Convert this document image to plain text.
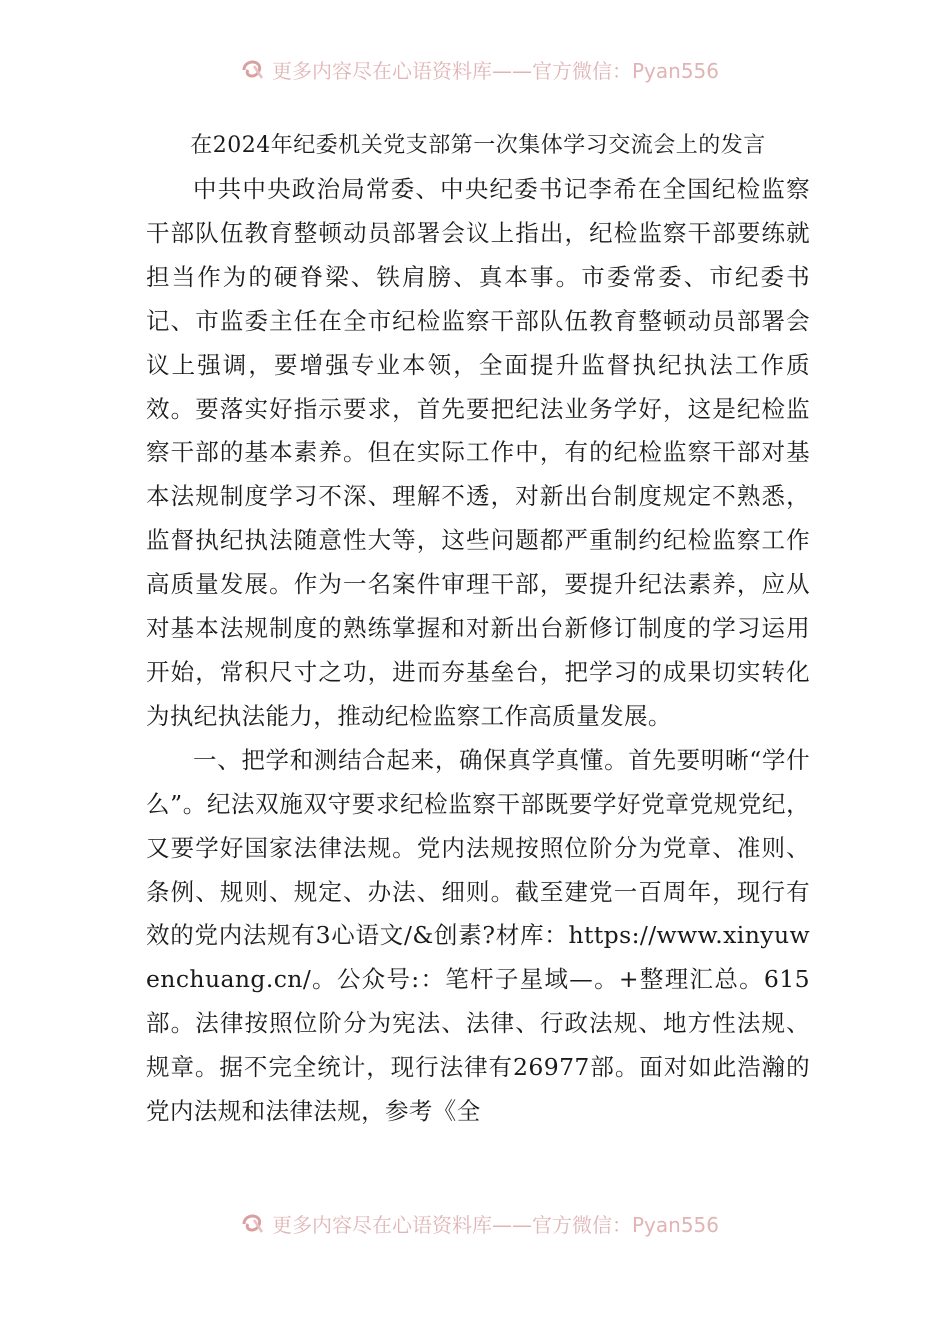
更多内容尽在心语资料库——官方微信：Pyan556

在2024年纪委机关党支部第一次集体学习交流会上的发言

中共中央政治局常委、中央纪委书记李希在全国纪检监察干部队伍教育整顿动员部署会议上指出，纪检监察干部要练就担当作为的硬脊梁、铁肩膀、真本事。市委常委、市纪委书记、市监委主任在全市纪检监察干部队伍教育整顿动员部署会议上强调，要增强专业本领，全面提升监督执纪执法工作质效。要落实好指示要求，首先要把纪法业务学好，这是纪检监察干部的基本素养。但在实际工作中，有的纪检监察干部对基本法规制度学习不深、理解不透，对新出台制度规定不熟悉，监督执纪执法随意性大等，这些问题都严重制约纪检监察工作高质量发展。作为一名案件审理干部，要提升纪法素养，应从对基本法规制度的熟练掌握和对新出台新修订制度的学习运用开始，常积尺寸之功，进而夯基垒台，把学习的成果切实转化为执纪执法能力，推动纪检监察工作高质量发展。

一、把学和测结合起来，确保真学真懂。首先要明晰“学什么”。纪法双施双守要求纪检监察干部既要学好党章党规党纪，又要学好国家法律法规。党内法规按照位阶分为党章、准则、条例、规则、规定、办法、细则。截至建党一百周年，现行有效的党内法规有3心语文/&创素?材库：https://www.xinyuwenchuang.cn/。公众号:：笔杆子星域—。+整理汇总。615部。法律按照位阶分为宪法、法律、行政法规、地方性法规、规章。据不完全统计，现行法律有26977部。面对如此浩瀚的党内法规和法律法规，参考《全

更多内容尽在心语资料库——官方微信：Pyan556
